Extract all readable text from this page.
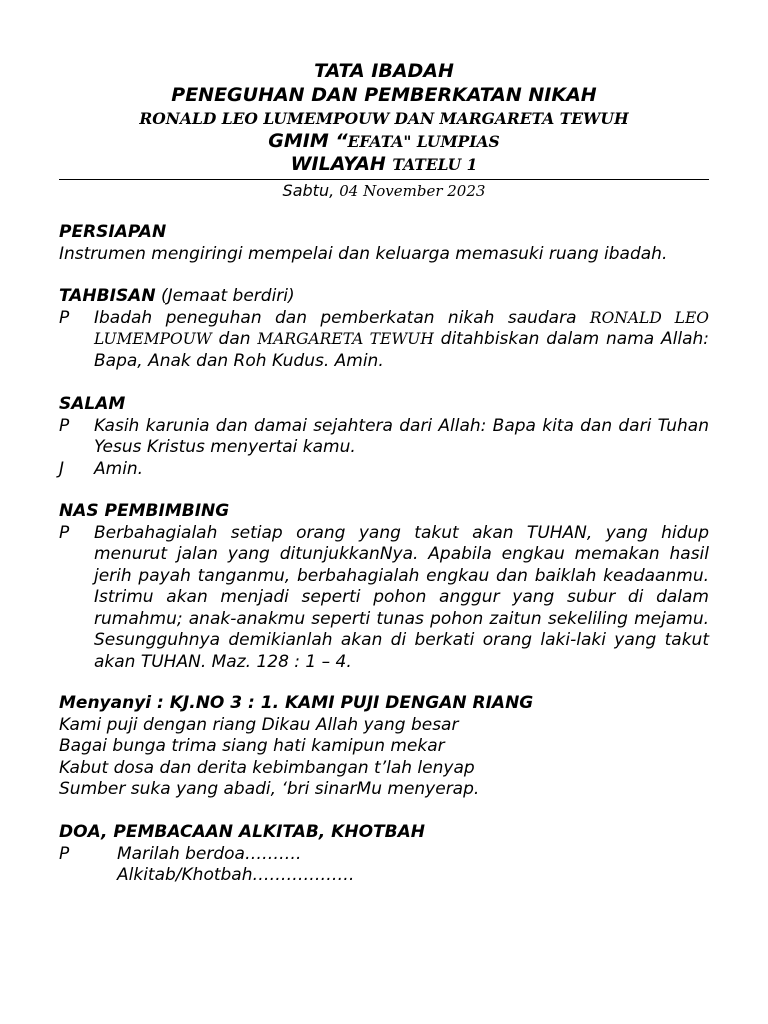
TATA IBADAH
PENEGUHAN DAN PEMBERKATAN NIKAH
RONALD LEO LUMEMPOUW DAN MARGARETA TEWUH
GMIM “EFATA" LUMPIAS
WILAYAH TATELU 1
Sabtu, 04 November 2023
PERSIAPAN
Instrumen mengiringi mempelai dan keluarga memasuki ruang ibadah.
TAHBISAN (Jemaat berdiri)
P	Ibadah peneguhan dan pemberkatan nikah saudara RONALD LEO LUMEMPOUW dan MARGARETA TEWUH ditahbiskan dalam nama Allah: Bapa, Anak dan Roh Kudus. Amin.
SALAM
P	Kasih karunia dan damai sejahtera dari Allah: Bapa kita dan dari Tuhan Yesus Kristus menyertai kamu.
J	Amin.
NAS PEMBIMBING
P	Berbahagialah setiap orang yang takut akan TUHAN, yang hidup menurut jalan yang ditunjukkanNya. Apabila engkau memakan hasil jerih payah tanganmu, berbahagialah engkau dan baiklah keadaanmu. Istrimu akan menjadi seperti pohon anggur yang subur di dalam rumahmu; anak-anakmu seperti tunas pohon zaitun sekeliling mejamu. Sesungguhnya demikianlah akan di berkati orang laki-laki yang takut akan TUHAN. Maz. 128 : 1 – 4.
Menyanyi : KJ.NO 3 : 1. KAMI PUJI DENGAN RIANG
Kami puji dengan riang Dikau Allah yang besar
Bagai bunga trima siang hati kamipun mekar
Kabut dosa dan derita kebimbangan t’lah lenyap
Sumber suka yang abadi, ‘bri sinarMu menyerap.
DOA, PEMBACAAN ALKITAB, KHOTBAH
P	Marilah berdoa……….
Alkitab/Khotbah………………
